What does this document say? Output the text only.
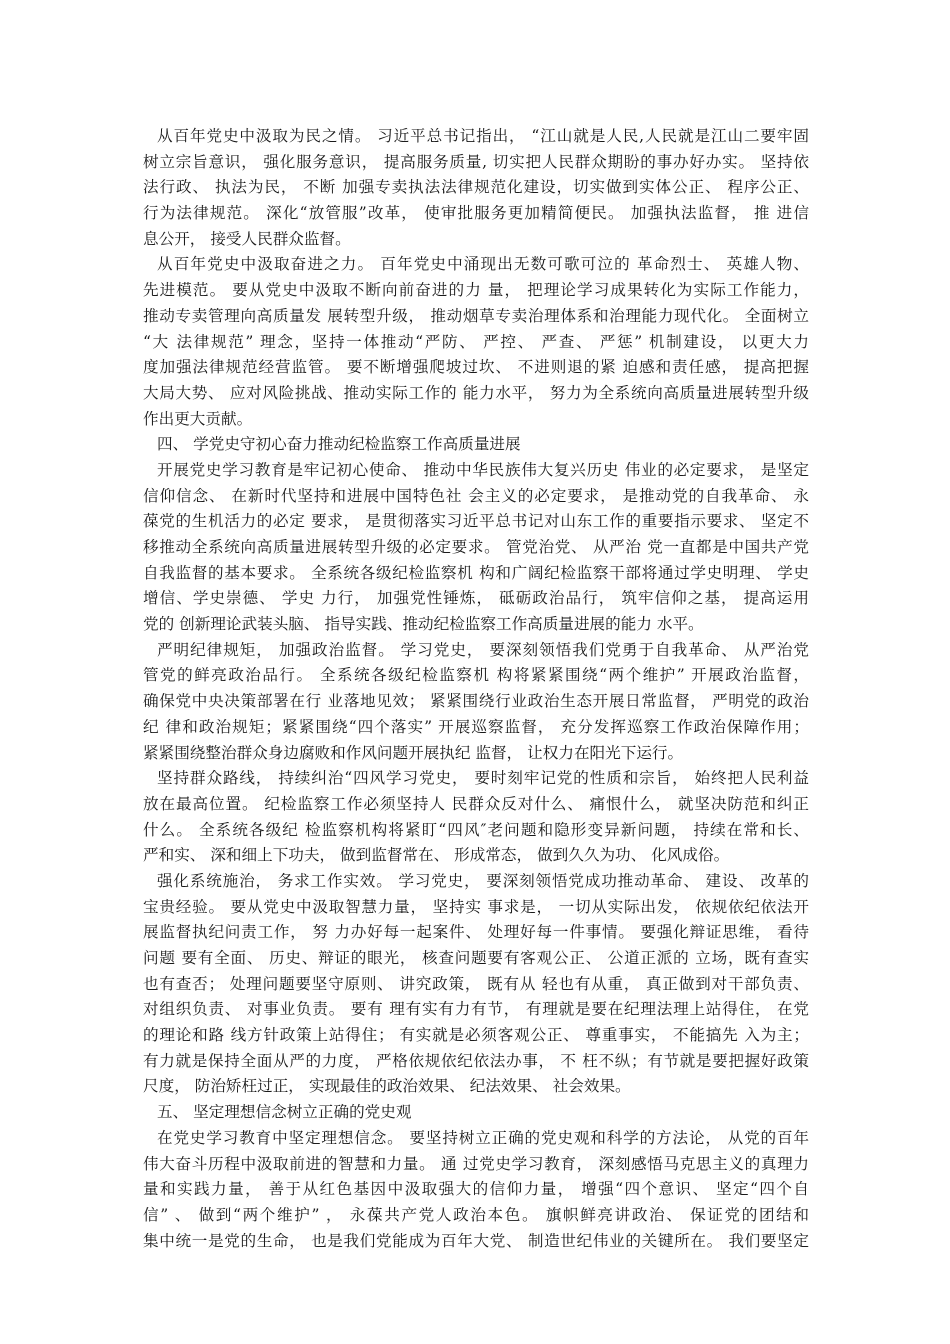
从百年党史中汲取为民之情。 习近平总书记指出， “江山就是人民,人民就是江山二要牢固
树立宗旨意识， 强化服务意识， 提高服务质量, 切实把人民群众期盼的事办好办实。 坚持依
法行政、 执法为民， 不断 加强专卖执法法律规范化建设，切实做到实体公正、 程序公正、
行为法律规范。 深化“放管服”改革， 使审批服务更加精简便民。 加强执法监督， 推 进信
息公开， 接受人民群众监督。
从百年党史中汲取奋进之力。 百年党史中涌现出无数可歌可泣的 革命烈士、 英雄人物、
先进模范。 要从党史中汲取不断向前奋进的力 量， 把理论学习成果转化为实际工作能力，
推动专卖管理向高质量发 展转型升级， 推动烟草专卖治理体系和治理能力现代化。 全面树立
“大 法律规范” 理念，坚持一体推动“严防、 严控、 严查、 严惩” 机制建设， 以更大力
度加强法律规范经营监管。 要不断增强爬坡过坎、 不进则退的紧 迫感和责任感， 提高把握
大局大势、 应对风险挑战、推动实际工作的 能力水平， 努力为全系统向高质量进展转型升级
作出更大贡献。
四、 学党史守初心奋力推动纪检监察工作高质量进展
开展党史学习教育是牢记初心使命、 推动中华民族伟大复兴历史 伟业的必定要求， 是坚定
信仰信念、 在新时代坚持和进展中国特色社 会主义的必定要求， 是推动党的自我革命、 永
葆党的生机活力的必定 要求， 是贯彻落实习近平总书记对山东工作的重要指示要求、 坚定不
移推动全系统向高质量进展转型升级的必定要求。 管党治党、 从严治 党一直都是中国共产党
自我监督的基本要求。 全系统各级纪检监察机 构和广阔纪检监察干部将通过学史明理、 学史
增信、学史崇德、 学史 力行， 加强党性锤炼， 砥砺政治品行， 筑牢信仰之基， 提高运用
党的 创新理论武装头脑、 指导实践、推动纪检监察工作高质量进展的能力 水平。
严明纪律规矩， 加强政治监督。 学习党史， 要深刻领悟我们党勇于自我革命、 从严治党
管党的鲜亮政治品行。 全系统各级纪检监察机 构将紧紧围绕“两个维护” 开展政治监督，
确保党中央决策部署在行 业落地见效； 紧紧围绕行业政治生态开展日常监督， 严明党的政治
纪 律和政治规矩；紧紧围绕“四个落实” 开展巡察监督， 充分发挥巡察工作政治保障作用；
紧紧围绕整治群众身边腐败和作风问题开展执纪 监督， 让权力在阳光下运行。
坚持群众路线， 持续纠治“四风学习党史， 要时刻牢记党的性质和宗旨， 始终把人民利益
放在最高位置。 纪检监察工作必须坚持人 民群众反对什么、 痛恨什么， 就坚决防范和纠正
什么。 全系统各级纪 检监察机构将紧盯“四风″老问题和隐形变异新问题， 持续在常和长、
严和实、 深和细上下功夫， 做到监督常在、 形成常态， 做到久久为功、 化风成俗。
强化系统施治， 务求工作实效。 学习党史， 要深刻领悟党成功推动革命、 建设、 改革的
宝贵经验。 要从党史中汲取智慧力量， 坚持实 事求是， 一切从实际出发， 依规依纪依法开
展监督执纪问责工作， 努 力办好每一起案件、 处理好每一件事情。 要强化辩证思维， 看待
问题 要有全面、 历史、辩证的眼光， 核查问题要有客观公正、 公道正派的 立场，既有查实
也有查否； 处理问题要坚守原则、 讲究政策， 既有从 轻也有从重， 真正做到对干部负责、
对组织负责、 对事业负责。 要有 理有实有力有节， 有理就是要在纪理法理上站得住， 在党
的理论和路 线方针政策上站得住； 有实就是必须客观公正、 尊重事实， 不能搞先 入为主；
有力就是保持全面从严的力度， 严格依规依纪依法办事， 不 枉不纵；有节就是要把握好政策
尺度， 防治矫枉过正， 实现最佳的政治效果、 纪法效果、 社会效果。
五、 坚定理想信念树立正确的党史观
在党史学习教育中坚定理想信念。 要坚持树立正确的党史观和科学的方法论， 从党的百年
伟大奋斗历程中汲取前进的智慧和力量。 通 过党史学习教育， 深刻感悟马克思主义的真理力
量和实践力量， 善于从红色基因中汲取强大的信仰力量， 增强“四个意识、 坚定“四个自
信” 、 做到“两个维护” ， 永葆共产党人政治本色。 旗帜鲜亮讲政治、 保证党的团结和
集中统一是党的生命， 也是我们党能成为百年大党、 制造世纪伟业的关键所在。 我们要坚定
